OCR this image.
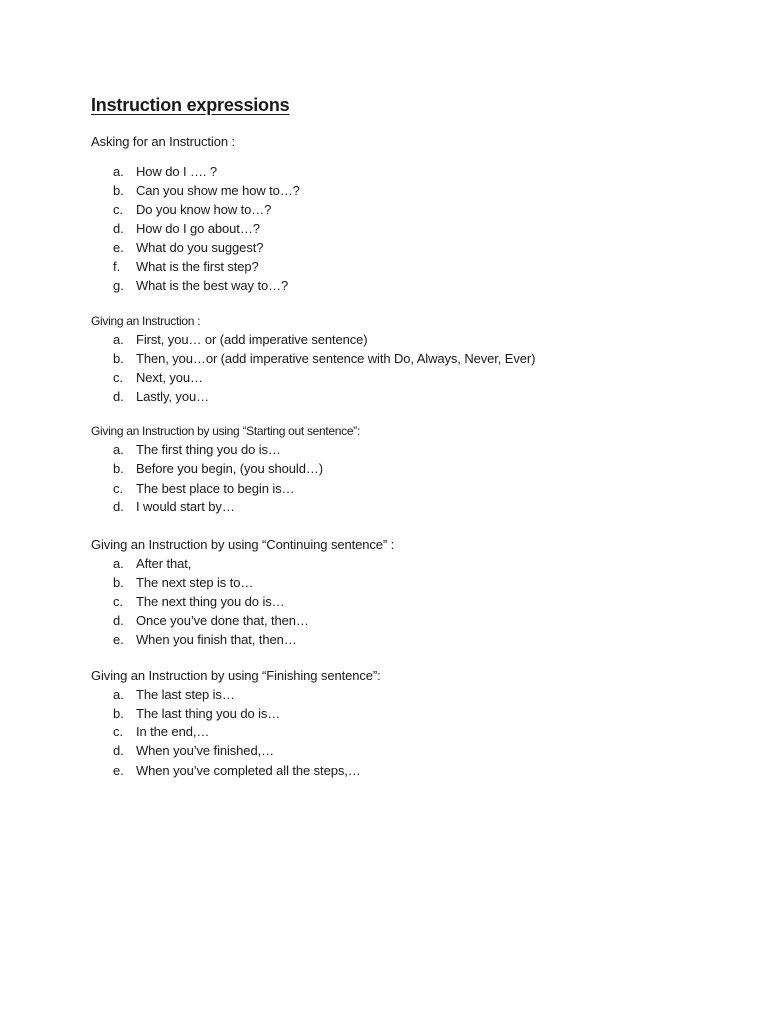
Instruction expressions
Asking for an Instruction :
a. How do I …. ?
b. Can you show me how to…?
c. Do you know how to…?
d. How do I go about…?
e. What do you suggest?
f. What is the first step?
g. What is the best way to…?
Giving an Instruction :
a. First, you… or (add imperative sentence)
b. Then, you…or (add imperative sentence with Do, Always, Never, Ever)
c. Next, you…
d. Lastly, you…
Giving an Instruction by using “Starting out sentence”:
a. The first thing you do is…
b. Before you begin, (you should…)
c. The best place to begin is…
d. I would start by…
Giving an Instruction by using “Continuing sentence” :
a. After that,
b. The next step is to…
c. The next thing you do is…
d. Once you’ve done that, then…
e. When you finish that, then…
Giving an Instruction by using “Finishing sentence”:
a. The last step is…
b. The last thing you do is…
c. In the end,…
d. When you’ve finished,…
e. When you’ve completed all the steps,…
